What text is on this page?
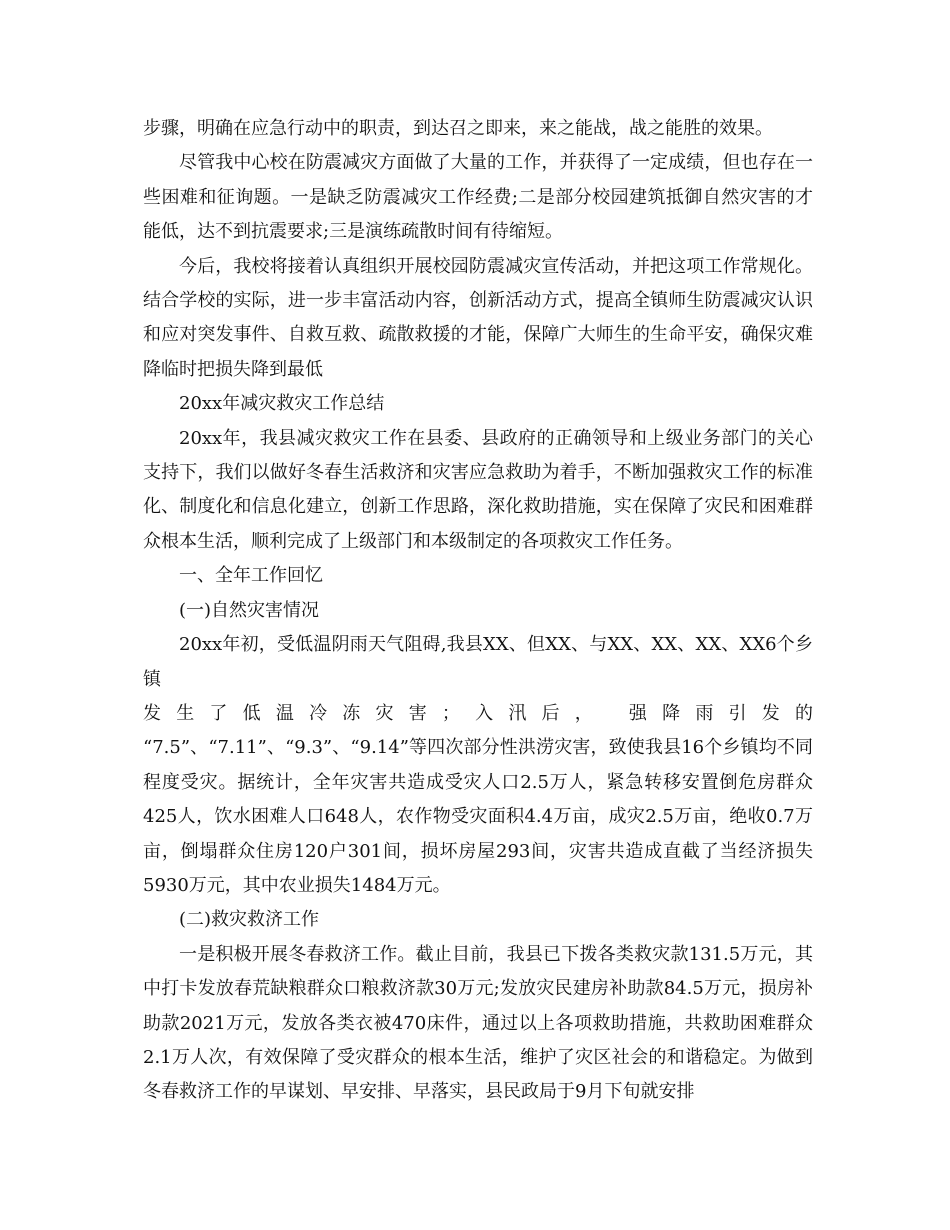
步骤，明确在应急行动中的职责，到达召之即来，来之能战，战之能胜的效果。

尽管我中心校在防震减灾方面做了大量的工作，并获得了一定成绩，但也存在一些困难和征询题。一是缺乏防震减灾工作经费;二是部分校园建筑抵御自然灾害的才能低，达不到抗震要求;三是演练疏散时间有待缩短。

今后，我校将接着认真组织开展校园防震减灾宣传活动，并把这项工作常规化。结合学校的实际，进一步丰富活动内容，创新活动方式，提高全镇师生防震减灾认识和应对突发事件、自救互救、疏散救援的才能，保障广大师生的生命平安，确保灾难降临时把损失降到最低

20xx年减灾救灾工作总结

20xx年，我县减灾救灾工作在县委、县政府的正确领导和上级业务部门的关心支持下，我们以做好冬春生活救济和灾害应急救助为着手，不断加强救灾工作的标准化、制度化和信息化建立，创新工作思路，深化救助措施，实在保障了灾民和困难群众根本生活，顺利完成了上级部门和本级制定的各项救灾工作任务。

一、全年工作回忆

(一)自然灾害情况

20xx年初，受低温阴雨天气阻碍,我县XX、但XX、与XX、XX、XX、XX6个乡镇

发生了低温冷冻灾害；入汛后， 强降雨引发的

“7.5”、“7.11”、“9.3”、“9.14”等四次部分性洪涝灾害，致使我县16个乡镇均不同程度受灾。据统计，全年灾害共造成受灾人口2.5万人，紧急转移安置倒危房群众425人，饮水困难人口648人，农作物受灾面积4.4万亩，成灾2.5万亩，绝收0.7万亩，倒塌群众住房120户301间，损坏房屋293间，灾害共造成直截了当经济损失5930万元，其中农业损失1484万元。

(二)救灾救济工作

一是积极开展冬春救济工作。截止目前，我县已下拨各类救灾款131.5万元，其中打卡发放春荒缺粮群众口粮救济款30万元;发放灾民建房补助款84.5万元，损房补助款2021万元，发放各类衣被470床件，通过以上各项救助措施，共救助困难群众2.1万人次，有效保障了受灾群众的根本生活，维护了灾区社会的和谐稳定。为做到冬春救济工作的早谋划、早安排、早落实，县民政局于9月下旬就安排
